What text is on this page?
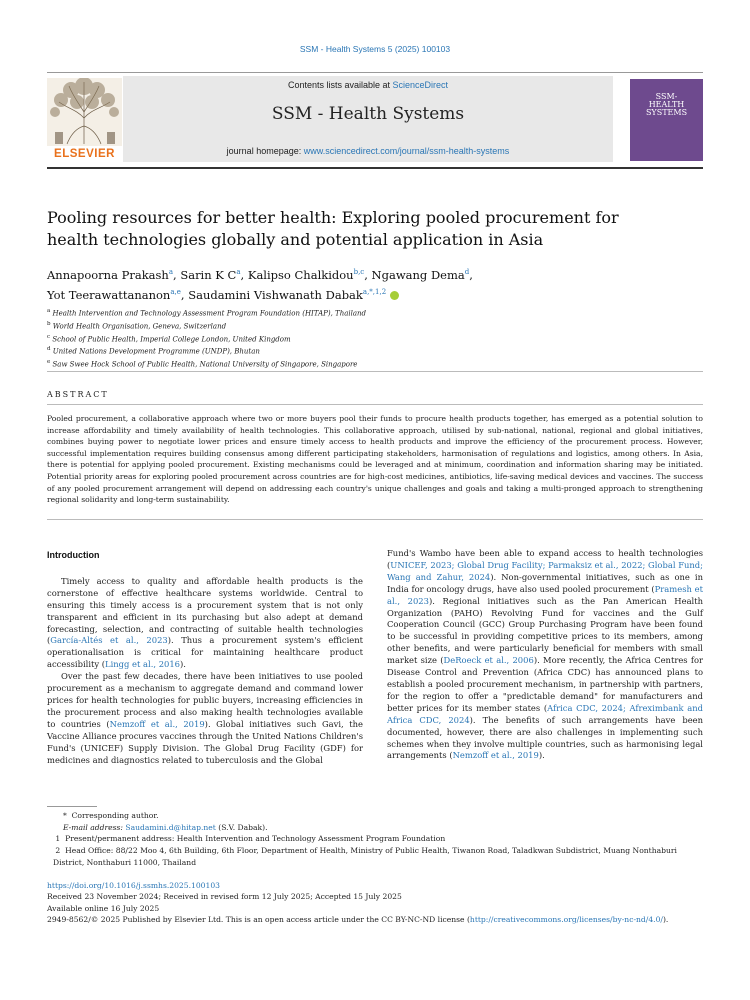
SSM - Health Systems 5 (2025) 100103
ELSEVIER
Contents lists available at ScienceDirect
SSM - Health Systems
journal homepage: www.sciencedirect.com/journal/ssm-health-systems
SSM-
HEALTH
SYSTEMS
Pooling resources for better health: Exploring pooled procurement for health technologies globally and potential application in Asia
Annapoorna Prakash$^a$, Sarin K $C^a$, Kalipso Chalkidou$^{b,c}$, Ngawang Dema$^d$,
Yot Teerawattananon$^{a,e}$, Saudamini Vishwanath Dabak$^{a,*,1,2}$
$^a$ Health Intervention and Technology Assessment Program Foundation (HITAP), Thailand
$^b$ World Health Organisation, Geneva, Switzerland
$^c$ School of Public Health, Imperial College London, United Kingdom
$^d$ United Nations Development Programme (UNDP), Bhutan
$^e$ Saw Swee Hock School of Public Health, National University of Singapore, Singapore
ABSTRACT
Pooled procurement, a collaborative approach where two or more buyers pool their funds to procure health products together, has emerged as a potential solution to increase affordability and timely availability of health technologies. This collaborative approach, utilised by sub-national, national, regional and global initiatives, combines buying power to negotiate lower prices and ensure timely access to health products and improve the efficiency of the procurement process. However, successful implementation requires building consensus among different participating stakeholders, harmonisation of regulations and logistics, among others. In Asia, there is potential for applying pooled procurement. Existing mechanisms could be leveraged and at minimum, coordination and information sharing may be initiated. Potential priority areas for exploring pooled procurement across countries are for high-cost medicines, antibiotics, life-saving medical devices and vaccines. The success of any pooled procurement arrangement will depend on addressing each country's unique challenges and goals and taking a multi-pronged approach to strengthening regional solidarity and long-term sustainability.
Introduction

Timely access to quality and affordable health products is the cornerstone of effective healthcare systems worldwide. Central to ensuring this timely access is a procurement system that is not only transparent and efficient in its purchasing but also adept at demand forecasting, selection, and contracting of suitable health technologies (García-Altés et al., 2023). Thus a procurement system's efficient operationalisation is critical for maintaining healthcare product accessibility (Lingg et al., 2016).

Over the past few decades, there have been initiatives to use pooled procurement as a mechanism to aggregate demand and command lower prices for health technologies for public buyers, increasing efficiencies in the procurement process and also making health technologies available to countries (Nemzoff et al., 2019). Global initiatives such Gavi, the Vaccine Alliance procures vaccines through the United Nations Children's Fund's (UNICEF) Supply Division. The Global Drug Facility (GDF) for medicines and diagnostics related to tuberculosis and the Global

Fund's Wambo have been able to expand access to health technologies (UNICEF, 2023; Global Drug Facility; Parmaksiz et al., 2022; Global Fund; Wang and Zahur, 2024). Non-governmental initiatives, such as one in India for oncology drugs, have also used pooled procurement (Pramesh et al., 2023). Regional initiatives such as the Pan American Health Organization (PAHO) Revolving Fund for vaccines and the Gulf Cooperation Council (GCC) Group Purchasing Program have been found to be successful in providing competitive prices to its members, among other benefits, and were particularly beneficial for members with small market size (DeRoeck et al., 2006). More recently, the Africa Centres for Disease Control and Prevention (Africa CDC) has announced plans to establish a pooled procurement mechanism, in partnership with partners, for the region to offer a "predictable demand" for manufacturers and better prices for its member states (Africa CDC, 2024; Afreximbank and Africa CDC, 2024). The benefits of such arrangements have been documented, however, there are also challenges in implementing such schemes when they involve multiple countries, such as harmonising legal arrangements (Nemzoff et al., 2019).

*  Corresponding author.
E-mail address: Saudamini.d@hitap.net (S.V. Dabak).
1  Present/permanent address: Health Intervention and Technology Assessment Program Foundation
2  Head Office: 88/22 Moo 4, 6th Building, 6th Floor, Department of Health, Ministry of Public Health, Tiwanon Road, Taladkwan Subdistrict, Muang Nonthaburi District, Nonthaburi 11000, Thailand
https://doi.org/10.1016/j.ssmhs.2025.100103
Received 23 November 2024; Received in revised form 12 July 2025; Accepted 15 July 2025
Available online 16 July 2025
2949-8562/© 2025 Published by Elsevier Ltd. This is an open access article under the CC BY-NC-ND license (http://creativecommons.org/licenses/by-nc-nd/4.0/).
